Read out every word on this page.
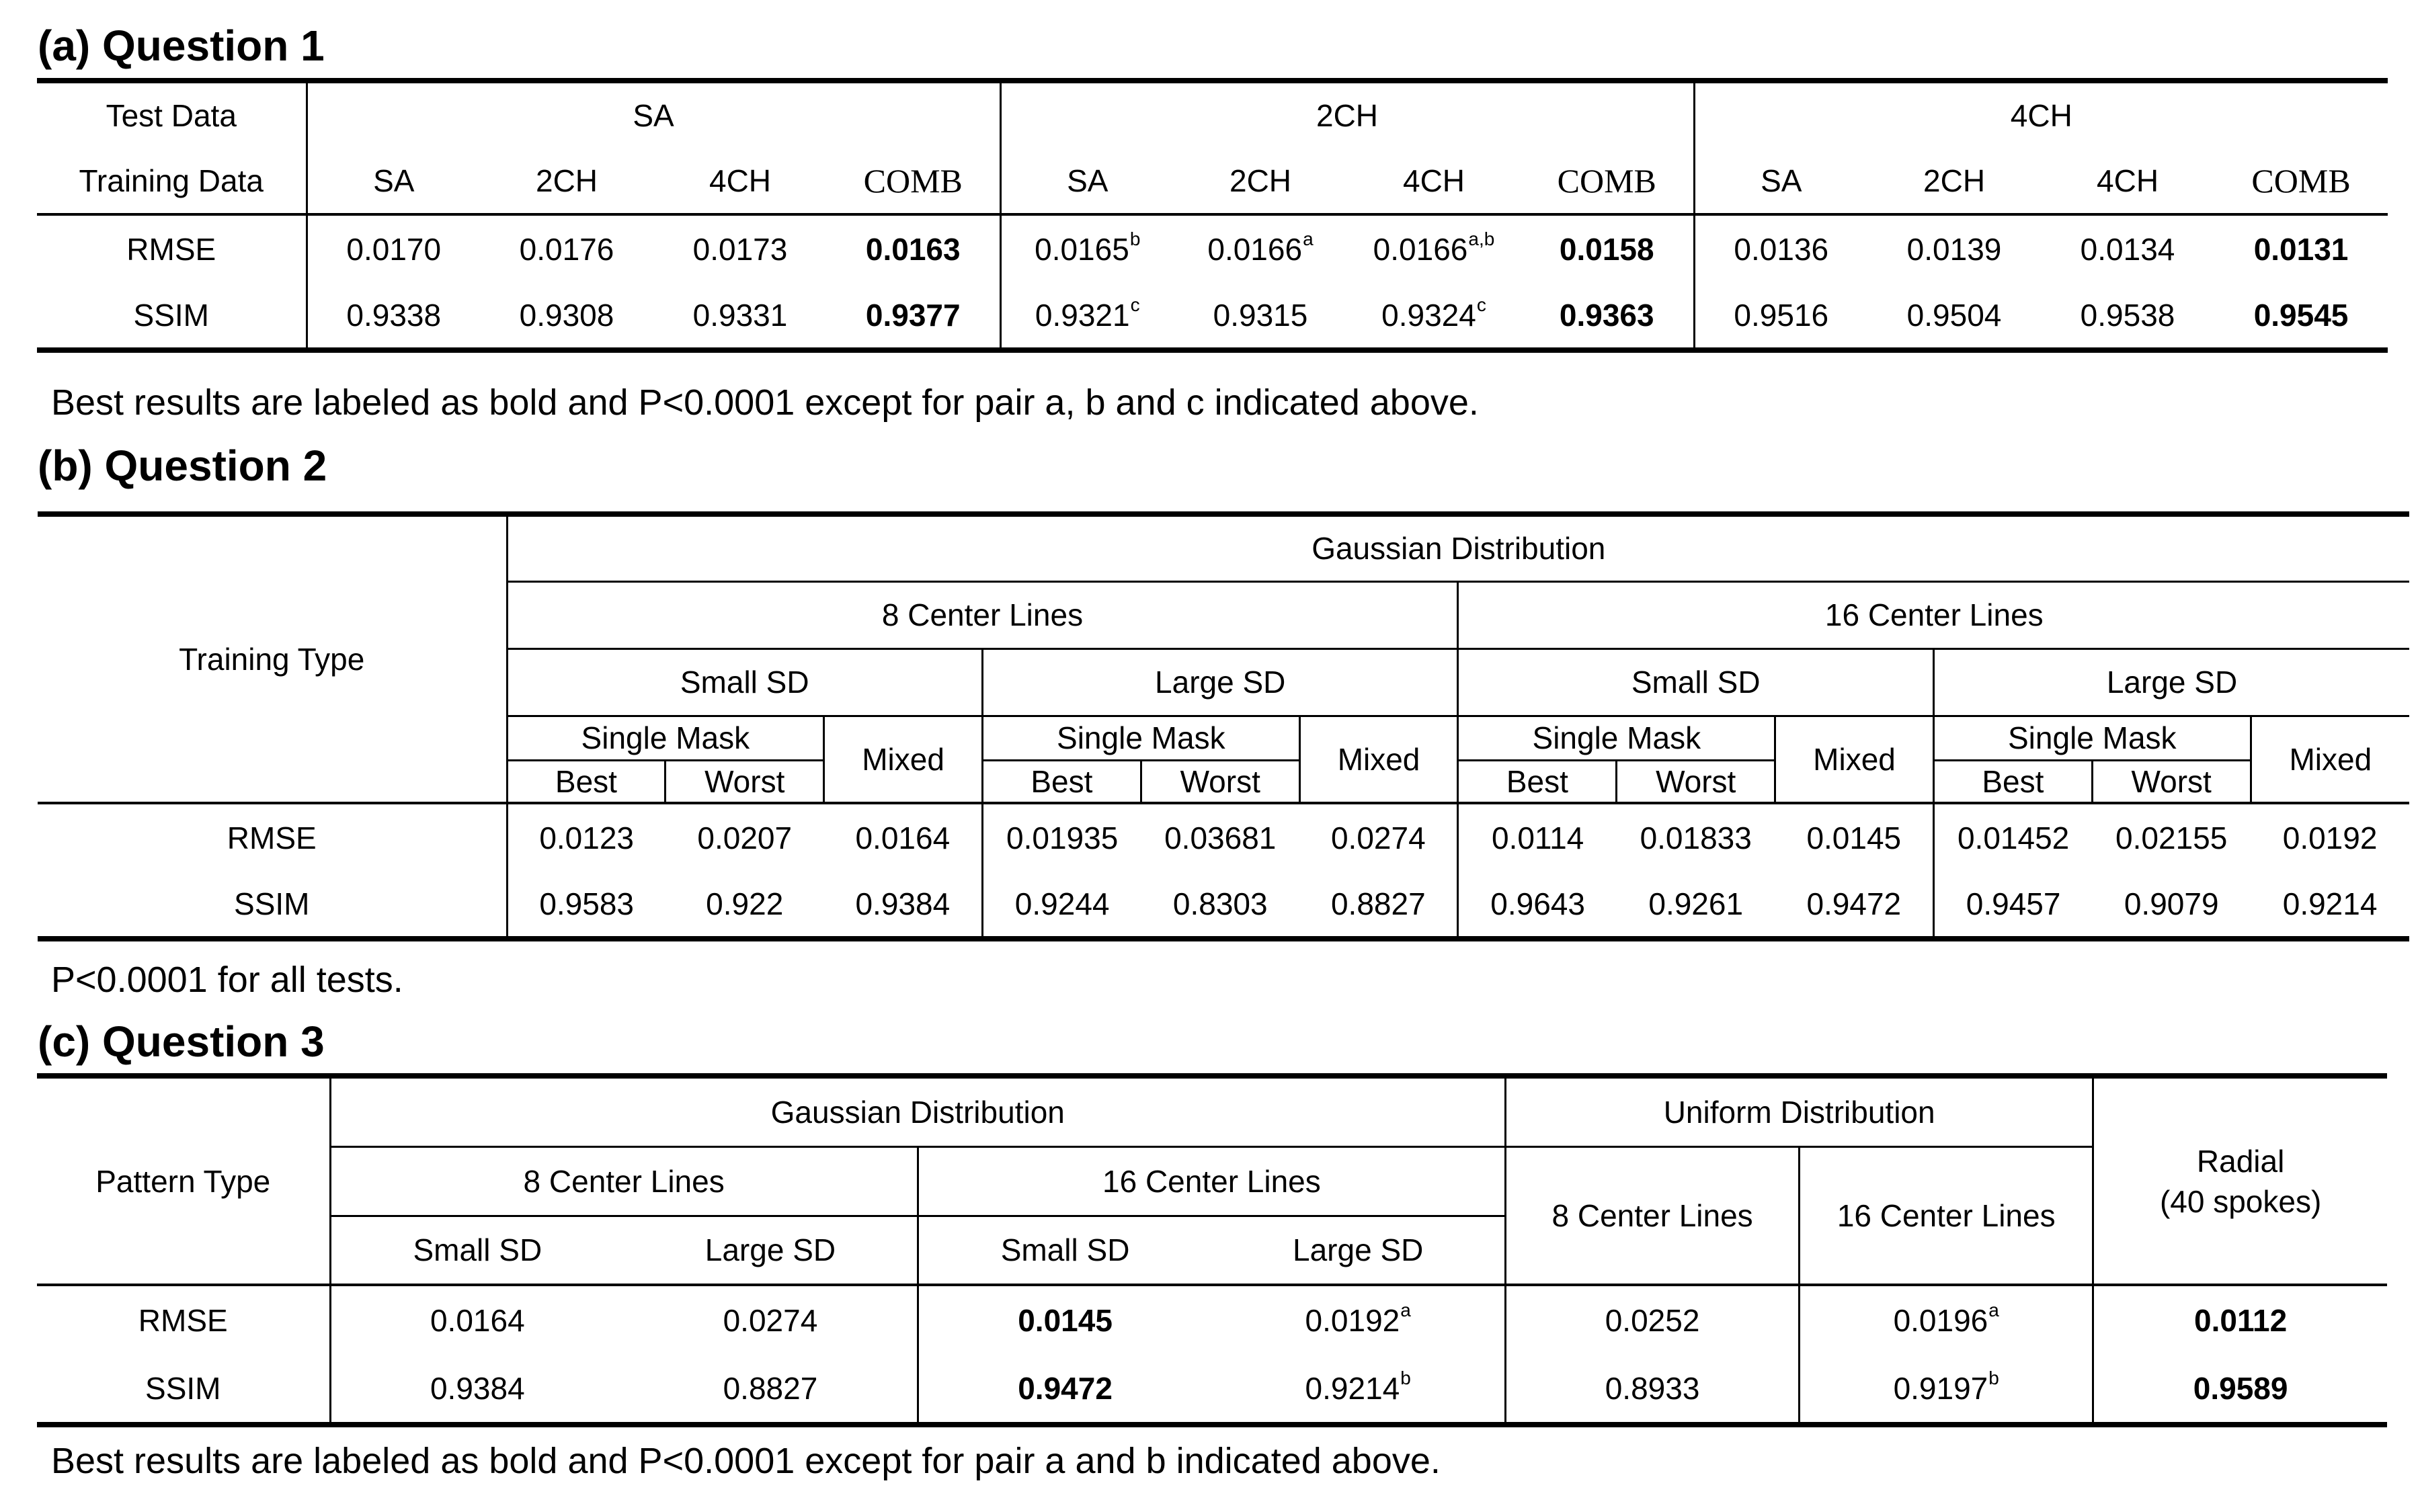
(a) Question 1
Test Data	SA				2CH				4CH			
Training Data	SA	2CH	4CH	COMB	SA	2CH	4CH	COMB	SA	2CH	4CH	COMB
RMSE	0.0170	0.0176	0.0173	0.0163	0.0165$^b$	0.0166$^a$	0.0166$^{a,b}$	0.0158	0.0136	0.0139	0.0134	0.0131
SSIM	0.9338	0.9308	0.9331	0.9377	0.9321$^c$	0.9315	0.9324$^c$	0.9363	0.9516	0.9504	0.9538	0.9545
Best results are labeled as bold and P<0.0001 except for pair a, b and c indicated above.
(b) Question 2
Training Type	Gaussian Distribution											
	8 Center Lines						16 Center Lines					
	Small SD			Large SD			Small SD			Large SD		
	Single Mask		Mixed	Single Mask		Mixed	Single Mask		Mixed	Single Mask		Mixed
	Best	Worst		Best	Worst		Best	Worst		Best	Worst	
RMSE	0.0123	0.0207	0.0164	0.01935	0.03681	0.0274	0.0114	0.01833	0.0145	0.01452	0.02155	0.0192
SSIM	0.9583	0.922	0.9384	0.9244	0.8303	0.8827	0.9643	0.9261	0.9472	0.9457	0.9079	0.9214
P<0.0001 for all tests.
(c) Question 3
Pattern Type	Gaussian Distribution				Uniform Distribution		Radial
(40 spokes)

	8 Center Lines		16 Center Lines		8 Center Lines	16 Center Lines	
	Small SD	Large SD	Small SD	Large SD			
RMSE	0.0164	0.0274	0.0145	0.0192$^a$	0.0252	0.0196$^a$	0.0112
SSIM	0.9384	0.8827	0.9472	0.9214$^b$	0.8933	0.9197$^b$	0.9589
Best results are labeled as bold and P<0.0001 except for pair a and b indicated above.
